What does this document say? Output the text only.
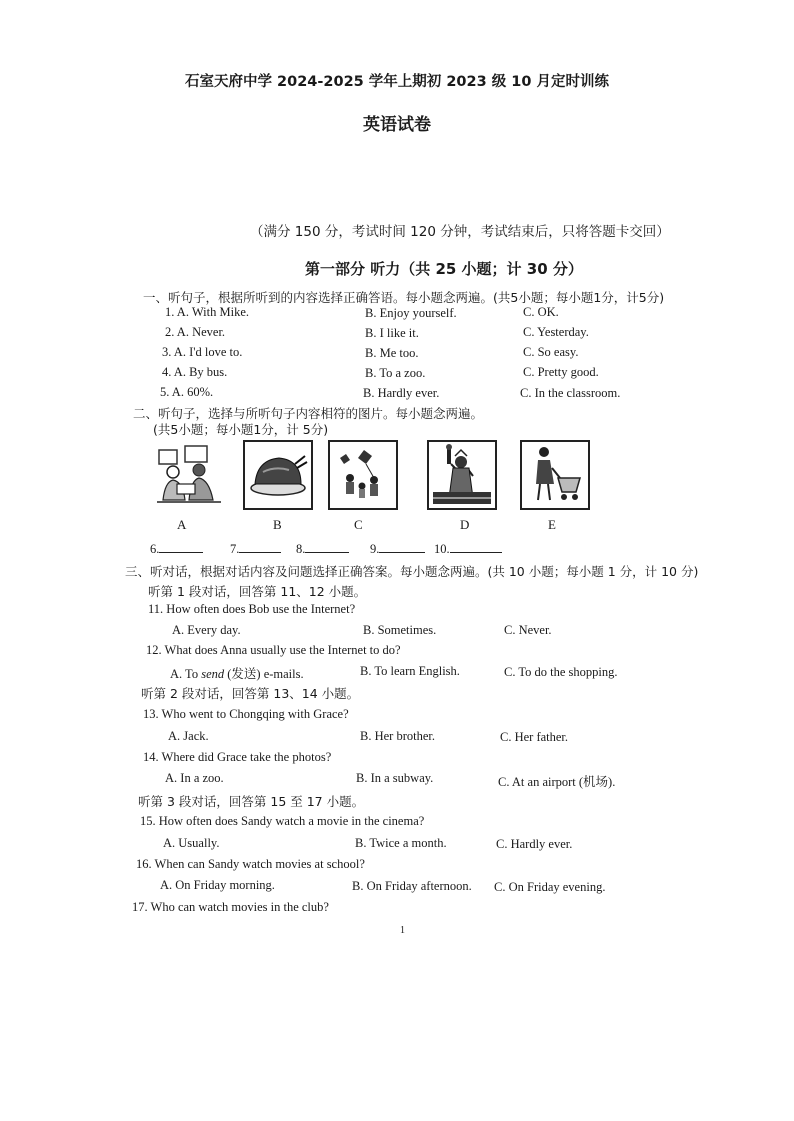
石室天府中学 2024-2025 学年上期初 2023 级 10 月定时训练
英语试卷
（满分 150 分，考试时间 120 分钟，考试结束后，只将答题卡交回）
第一部分 听力（共 25 小题；计 30 分）
一、听句子，根据所听到的内容选择正确答语。每小题念两遍。(共5小题；每小题1分，计5分)
1. A. With Mike.	B. Enjoy yourself.	C. OK.
2. A. Never.	B. I like it.	C. Yesterday.
3. A. I'd love to.	B. Me too.	C. So easy.
4. A. By bus.	B. To a zoo.	C. Pretty good.
5. A. 60%.	B. Hardly ever.	C. In the classroom.
二、听句子，选择与所听句子内容相符的图片。每小题念两遍。
(共5小题；每小题1分，计 5分)
A	B	C	D	E
6.	7.	8.	9.	10.
三、听对话，根据对话内容及问题选择正确答案。每小题念两遍。(共 10 小题；每小题 1 分，计 10 分)
听第 1 段对话，回答第 11、12 小题。
11. How often does Bob use the Internet?
A. Every day.	B. Sometimes.	C. Never.
12. What does Anna usually use the Internet to do?
A. To send (发送) e-mails.	B. To learn English.	C. To do the shopping.
听第 2 段对话，回答第 13、14 小题。
13. Who went to Chongqing with Grace?
A. Jack.	B. Her brother.	C. Her father.
14. Where did Grace take the photos?
A. In a zoo.	B. In a subway.	C. At an airport (机场).
听第 3 段对话，回答第 15 至 17 小题。
15. How often does Sandy watch a movie in the cinema?
A. Usually.	B. Twice a month.	C. Hardly ever.
16. When can Sandy watch movies at school?
A. On Friday morning.	B. On Friday afternoon. C. On Friday evening.
17. Who can watch movies in the club?
1
